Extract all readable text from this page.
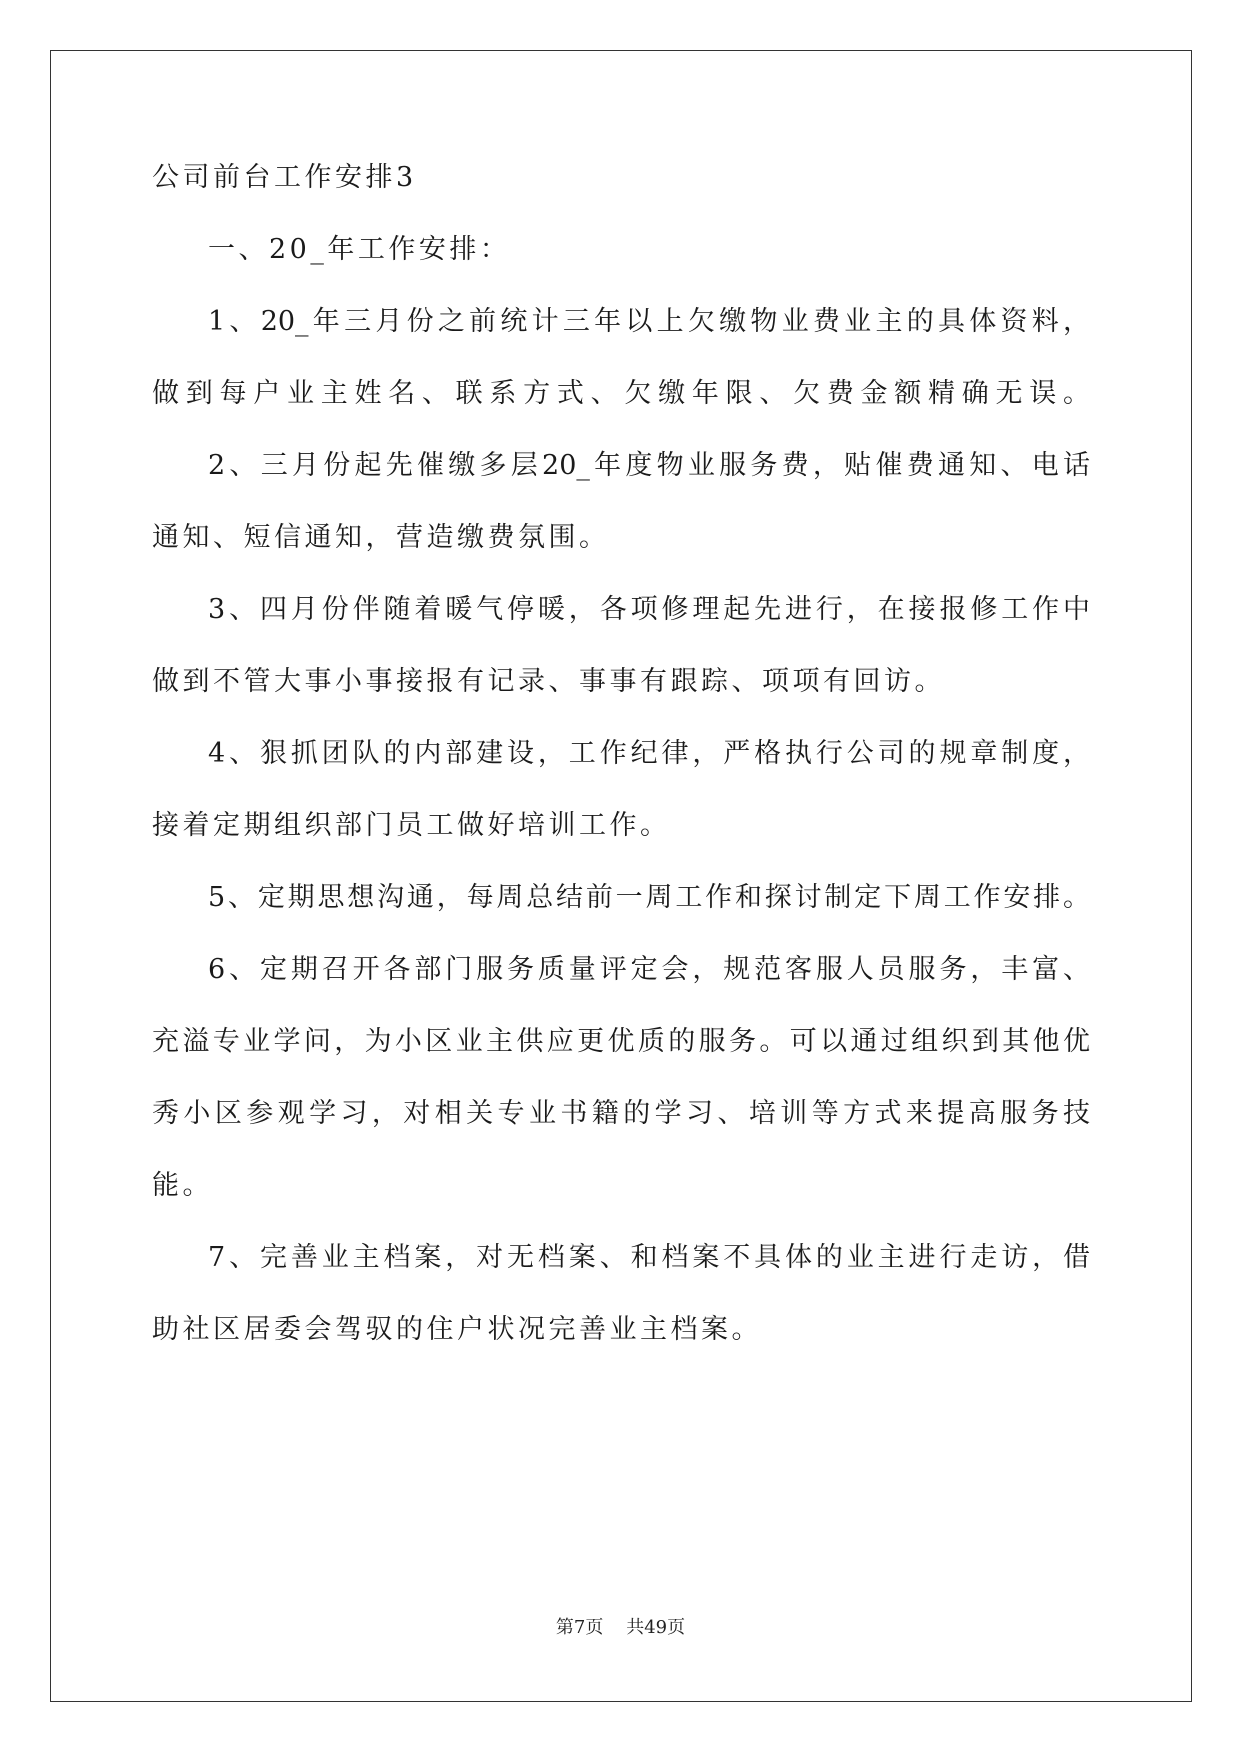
公司前台工作安排3
一、20_年工作安排：
1、20_年三月份之前统计三年以上欠缴物业费业主的具体资料，
做到每户业主姓名、联系方式、欠缴年限、欠费金额精确无误。
2、三月份起先催缴多层20_年度物业服务费，贴催费通知、电话
通知、短信通知，营造缴费氛围。
3、四月份伴随着暖气停暖，各项修理起先进行，在接报修工作中
做到不管大事小事接报有记录、事事有跟踪、项项有回访。
4、狠抓团队的内部建设，工作纪律，严格执行公司的规章制度，
接着定期组织部门员工做好培训工作。
5、定期思想沟通，每周总结前一周工作和探讨制定下周工作安排。
6、定期召开各部门服务质量评定会，规范客服人员服务，丰富、
充溢专业学问，为小区业主供应更优质的服务。可以通过组织到其他优
秀小区参观学习，对相关专业书籍的学习、培训等方式来提高服务技
能。
7、完善业主档案，对无档案、和档案不具体的业主进行走访，借
助社区居委会驾驭的住户状况完善业主档案。
第7页 共49页
